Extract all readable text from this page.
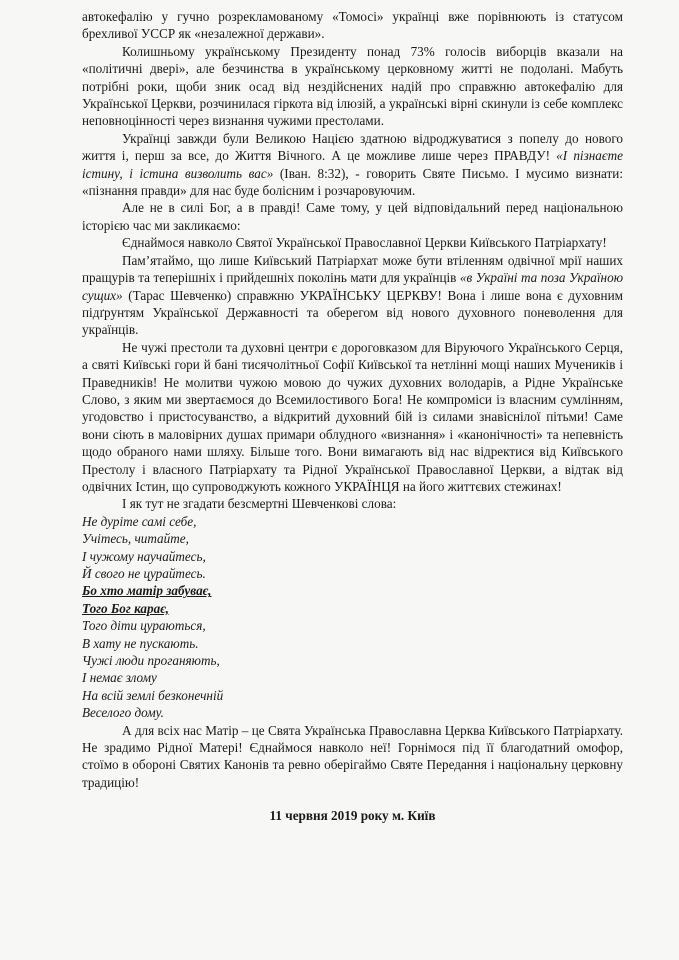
автокефалію у гучно розрекламованому «Томосі» українці вже порівнюють із статусом брехливої УССР як «незалежної держави».

Колишньому українському Президенту понад 73% голосів виборців вказали на «політичні двері», але безчинства в українському церковному житті не подолані. Мабуть потрібні роки, щоби зник осад від нездійснених надій про справжню автокефалію для Української Церкви, розчинилася гіркота від ілюзій, а українські вірні скинули із себе комплекс неповноцінності через визнання чужими престолами.

Українці завжди були Великою Нацією здатною відроджуватися з попелу до нового життя і, перш за все, до Життя Вічного. А це можливе лише через ПРАВДУ! «І пізнаєте істину, і істина визволить вас» (Іван. 8:32), - говорить Святе Письмо. І мусимо визнати: «пізнання правди» для нас буде болісним і розчаровуючим.

Але не в силі Бог, а в правді! Саме тому, у цей відповідальний перед національною історією час ми закликаємо:

Єднаймося навколо Святої Української Православної Церкви Київського Патріархату!

Пам’ятаймо, що лише Київський Патріархат може бути втіленням одвічної мрії наших пращурів та теперішніх і прийдешніх поколінь мати для українців «в Україні та поза Україною сущих» (Тарас Шевченко) справжню УКРАЇНСЬКУ ЦЕРКВУ! Вона і лише вона є духовним підґрунтям Української Державності та оберегом від нового духовного поневолення для українців.

Не чужі престоли та духовні центри є дороговказом для Віруючого Українського Серця, а святі Київські гори й бані тисячолітньої Софії Київської та нетлінні мощі наших Мучеників і Праведників! Не молитви чужою мовою до чужих духовних володарів, а Рідне Українське Слово, з яким ми звертаємося до Всемилостивого Бога! Не компроміси із власним сумлінням, угодовство і пристосуванство, а відкритий духовний бій із силами знавіснілої пітьми! Саме вони сіють в маловірних душах примари облудного «визнання» і «канонічності» та непевність щодо обраного нами шляху. Більше того. Вони вимагають від нас відректися від Київського Престолу і власного Патріархату та Рідної Української Православної Церкви, а відтак від одвічних Істин, що супроводжують кожного УКРАЇНЦЯ на його життєвих стежинах!

І як тут не згадати безсмертні Шевченкові слова:

Не дуріте самі себе,
Учітесь, читайте,
І чужому научайтесь,
Й свого не цурайтесь.
Бо хто матір забуває,
Того Бог карає,
Того діти цураються,
В хату не пускають.
Чужі люди проганяють,
І немає злому
На всій землі безконечній
Веселого дому.

А для всіх нас Матір – це Свята Українська Православна Церква Київського Патріархату. Не зрадимо Рідної Матері! Єднаймося навколо неї! Горнімося під її благодатний омофор, стоїмо в обороні Святих Канонів та ревно оберігаймо Святе Передання і національну церковну традицію!

11 червня 2019 року м. Київ
